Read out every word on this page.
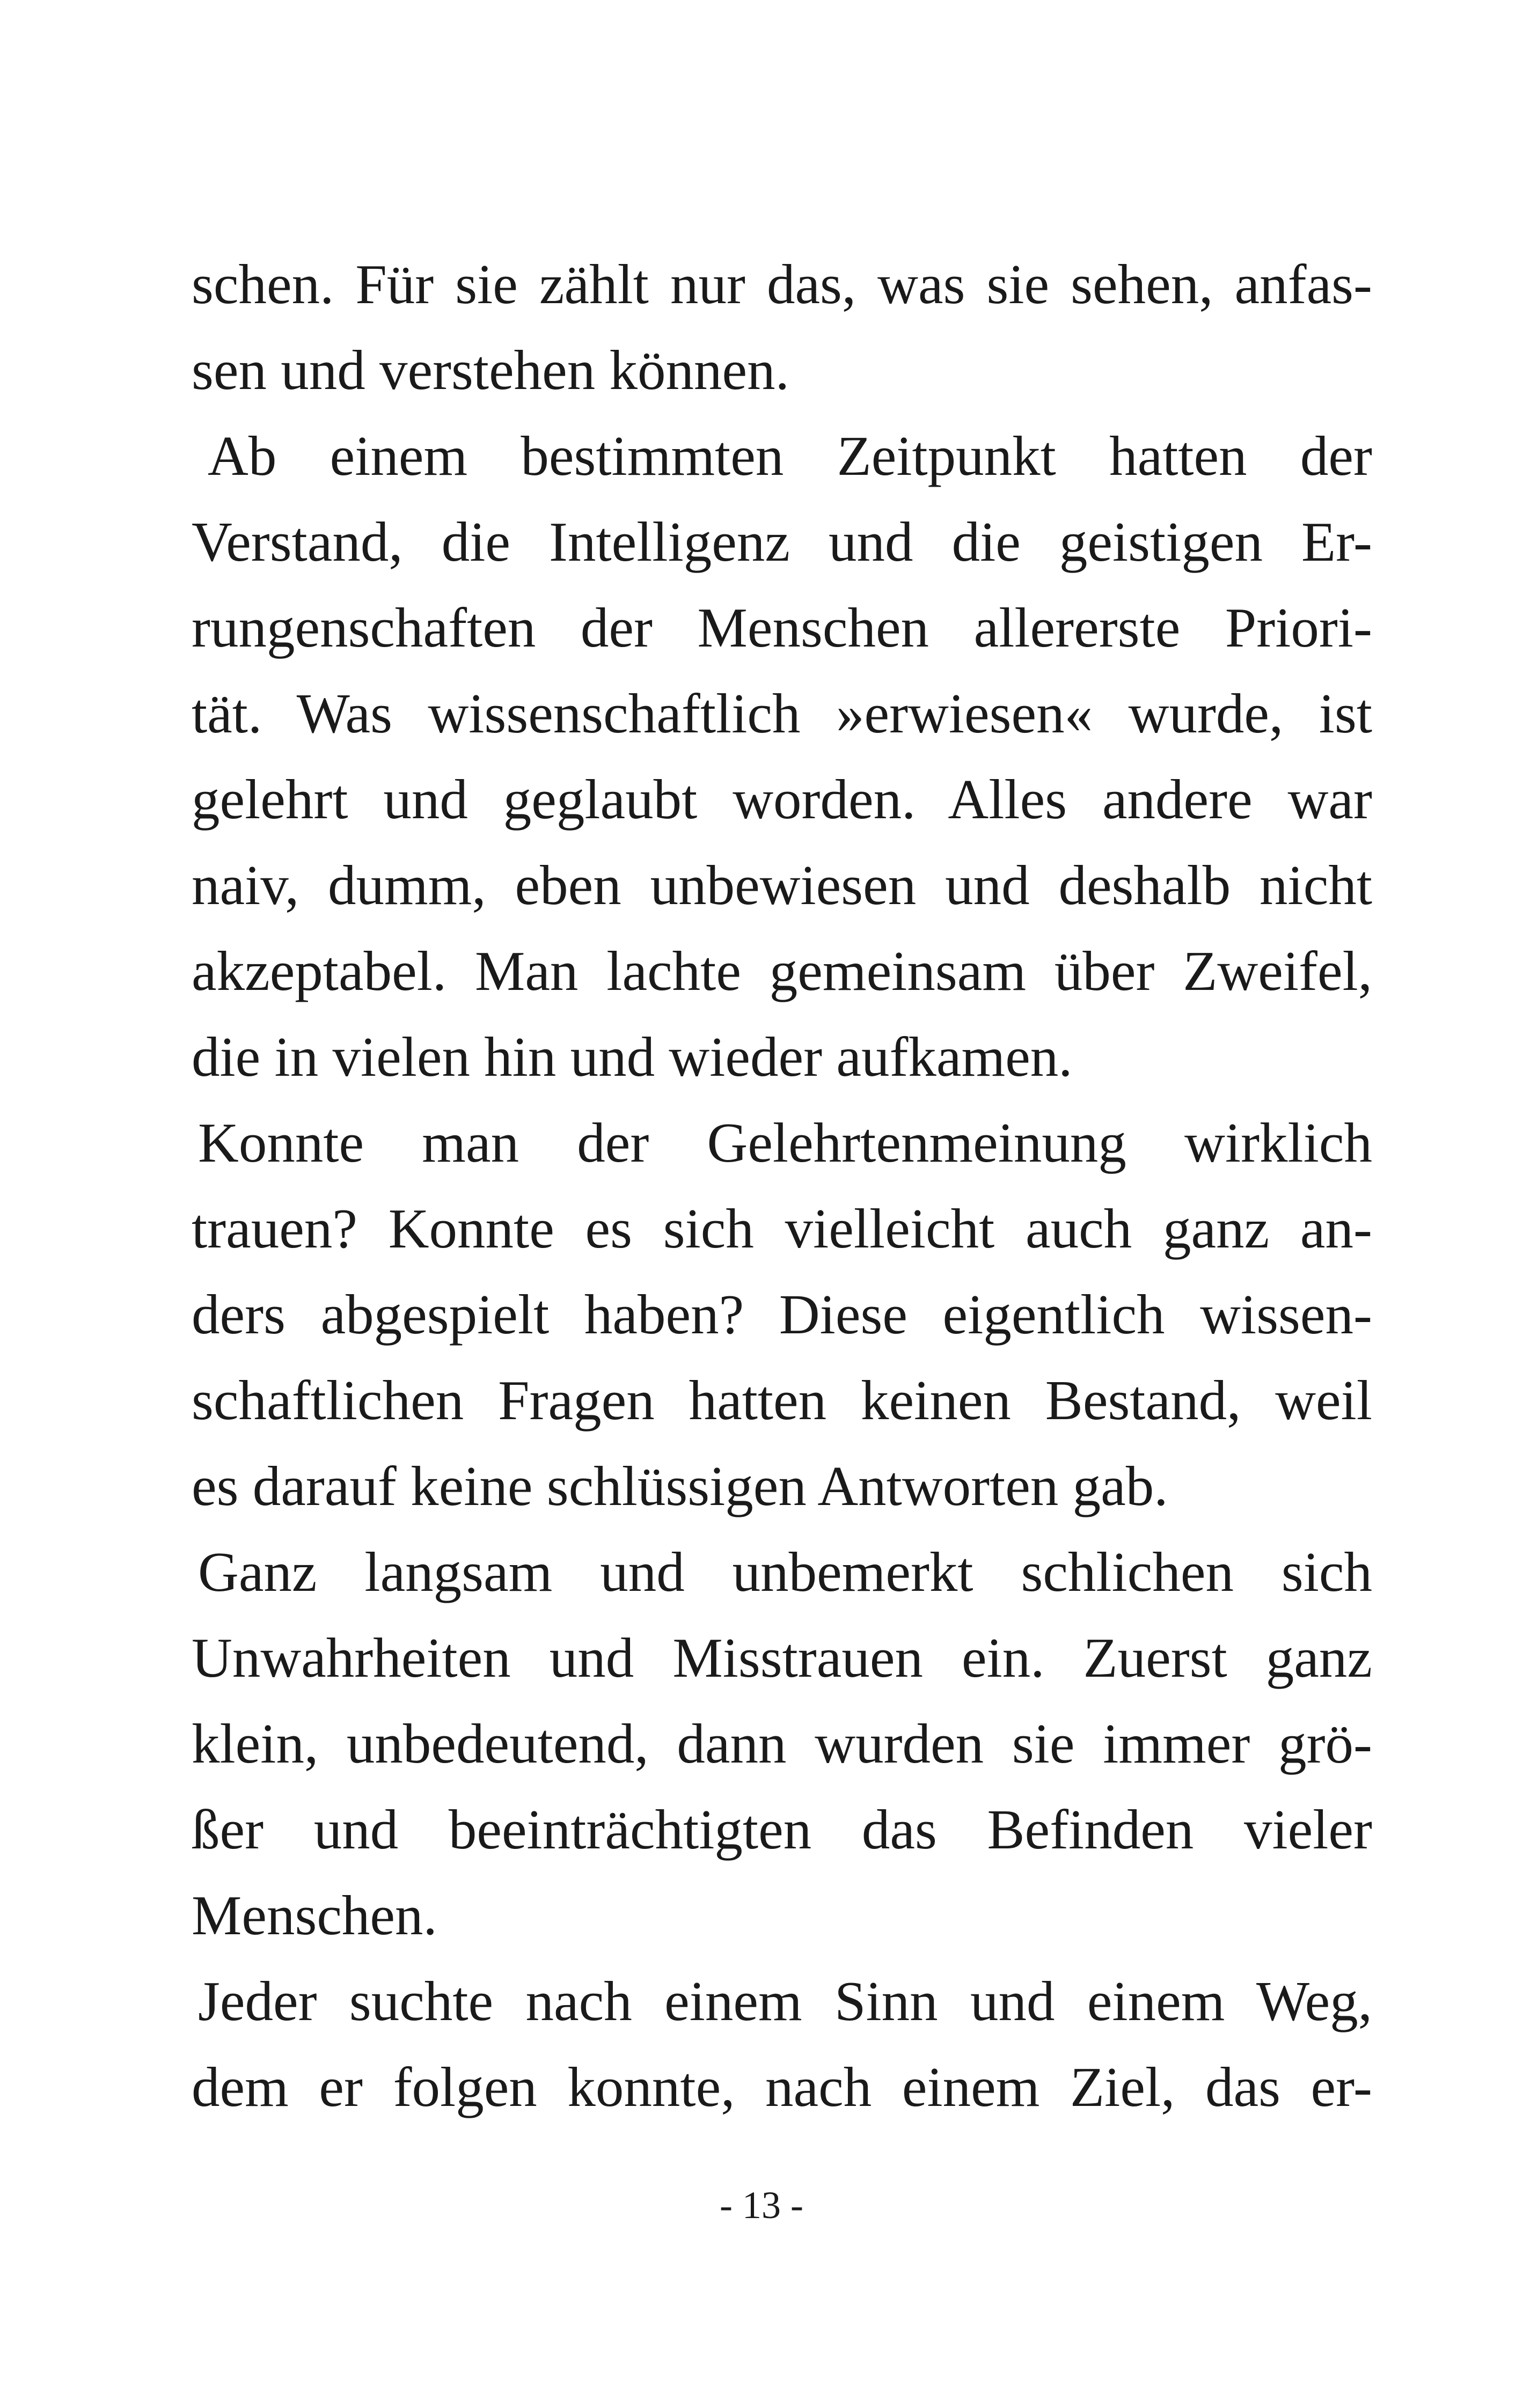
schen. Für sie zählt nur das, was sie sehen, anfas-
sen und verstehen können.
Ab einem bestimmten Zeitpunkt hatten der
Verstand, die Intelligenz und die geistigen Er-
rungenschaften der Menschen allererste Priori-
tät. Was wissenschaftlich »erwiesen« wurde, ist
gelehrt und geglaubt worden. Alles andere war
naiv, dumm, eben unbewiesen und deshalb nicht
akzeptabel. Man lachte gemeinsam über Zweifel,
die in vielen hin und wieder aufkamen.
Konnte man der Gelehrtenmeinung wirklich
trauen? Konnte es sich vielleicht auch ganz an-
ders abgespielt haben? Diese eigentlich wissen-
schaftlichen Fragen hatten keinen Bestand, weil
es darauf keine schlüssigen Antworten gab.
Ganz langsam und unbemerkt schlichen sich
Unwahrheiten und Misstrauen ein. Zuerst ganz
klein, unbedeutend, dann wurden sie immer grö-
ßer und beeinträchtigten das Befinden vieler
Menschen.
Jeder suchte nach einem Sinn und einem Weg,
dem er folgen konnte, nach einem Ziel, das er-
- 13 -
